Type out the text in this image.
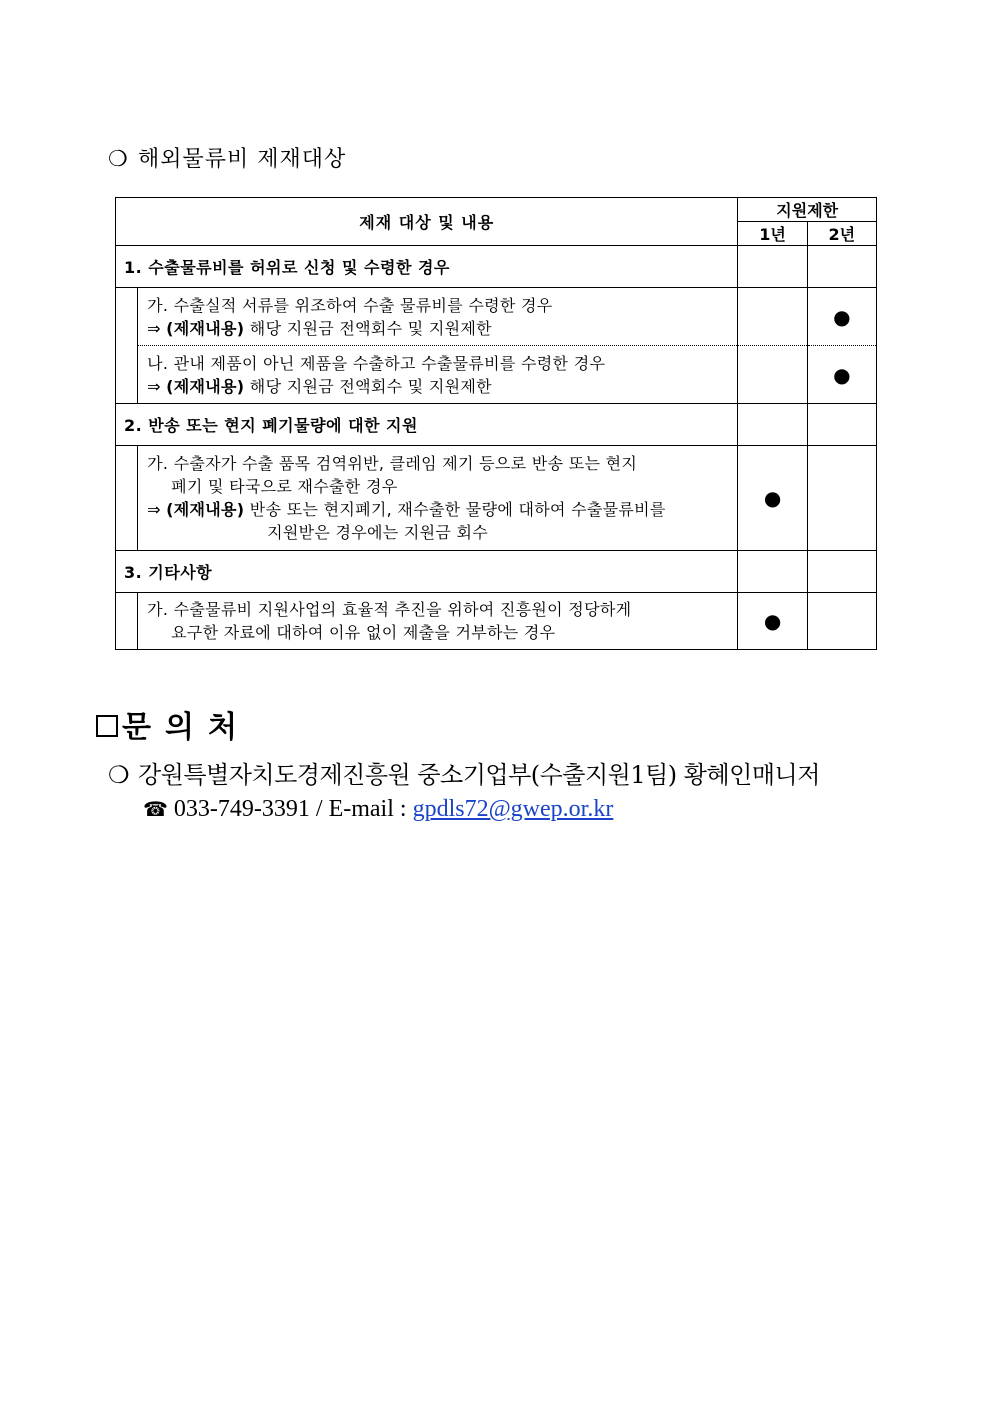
❍ 해외물류비 제재대상
제재 대상 및 내용		지원제한	
		1년	2년
1. 수출물류비를 허위로 신청 및 수령한 경우			

	가. 수출실적 서류를 위조하여 수출 물류비를 수령한 경우
⇒ (제재내용) 해당 지원금 전액회수 및 지원제한		●

	나. 관내 제품이 아닌 제품을 수출하고 수출물류비를 수령한 경우
⇒ (제재내용) 해당 지원금 전액회수 및 지원제한		●
2. 반송 또는 현지 폐기물량에 대한 지원			

	가. 수출자가 수출 품목 검역위반, 클레임 제기 등으로 반송 또는 현지
폐기 및 타국으로 재수출한 경우
⇒ (제재내용) 반송 또는 현지폐기, 재수출한 물량에 대하여 수출물류비를
지원받은 경우에는 지원금 회수	●	
3. 기타사항			

	가. 수출물류비 지원사업의 효율적 추진을 위하여 진흥원이 정당하게
요구한 자료에 대하여 이유 없이 제출을 거부하는 경우	●	
문의처
❍ 강원특별자치도경제진흥원 중소기업부(수출지원1팀) 황혜인매니저
☎ 033-749-3391 / E-mail : gpdls72@gwep.or.kr
